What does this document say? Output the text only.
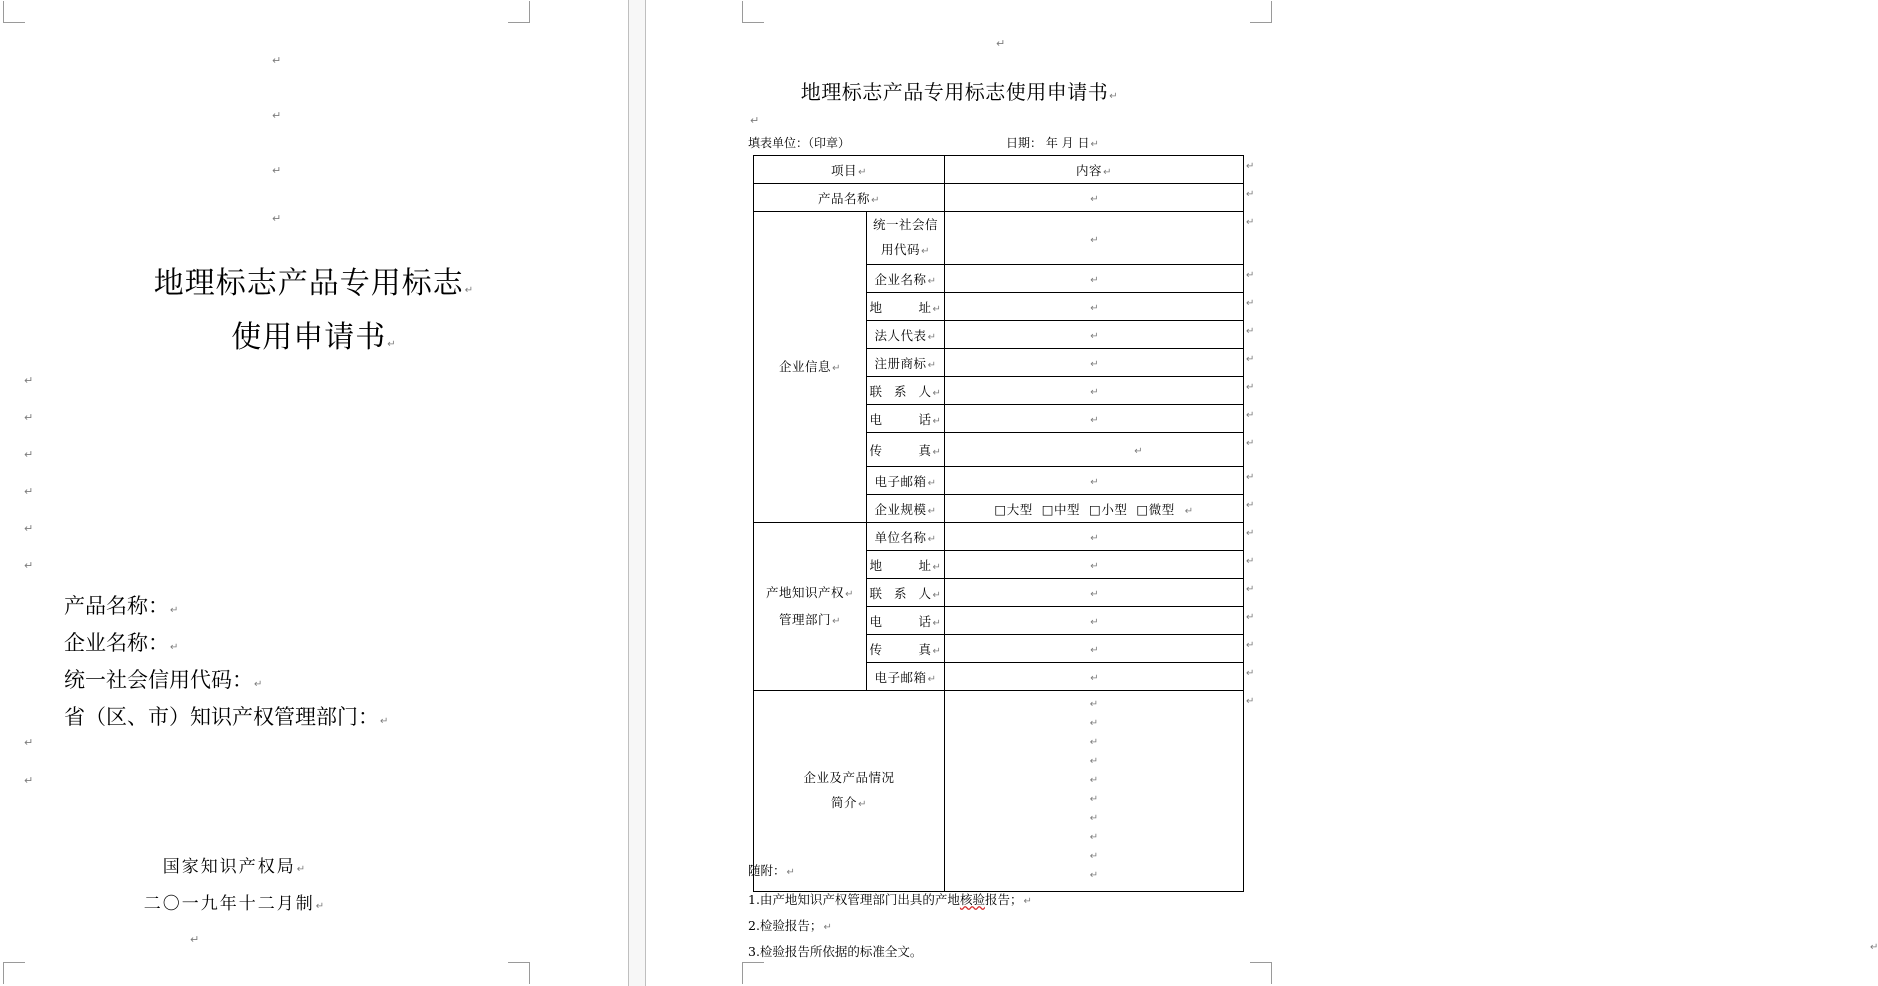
↵
↵
↵
↵
↵
↵
↵
↵
↵
↵
↵
↵
地理标志产品专用标志↵
使用申请书↵
产品名称：↵
企业名称：↵
统一社会信用代码：↵
省（区、市）知识产权管理部门：↵
国家知识产权局↵
二〇一九年十二月制↵
↵
↵
↵
地理标志产品专用标志使用申请书↵
填表单位：（印章）	日期： 年 月 日↵
项目↵		内容↵
产品名称↵		↵
企业信息↵	统一社会信用代码↵	↵
	企业名称↵	↵
	地址↵	↵
	法人代表↵	↵
	注册商标↵	↵
	联系人↵	↵
	电话↵	↵
	传真↵	↵
	电子邮箱↵	↵
	企业规模↵	□大型 □中型 □小型 □微型 ↵
产地知识产权↵
管理部门↵	单位名称↵	↵
	地址↵	↵
	联系人↵	↵
	电话↵	↵
	传真↵	↵
	电子邮箱↵	↵
企业及产品情况
简介↵	
↵
↵
↵
↵
↵
↵
↵
↵
↵
↵
↵
↵
↵
↵
↵
↵
↵
↵
↵
↵
↵
↵
↵
↵
↵
↵
↵
↵
↵
随附：↵
1.由产地知识产权管理部门出具的产地核验报告；↵
2.检验报告；↵
3.检验报告所依据的标准全文。	↵
